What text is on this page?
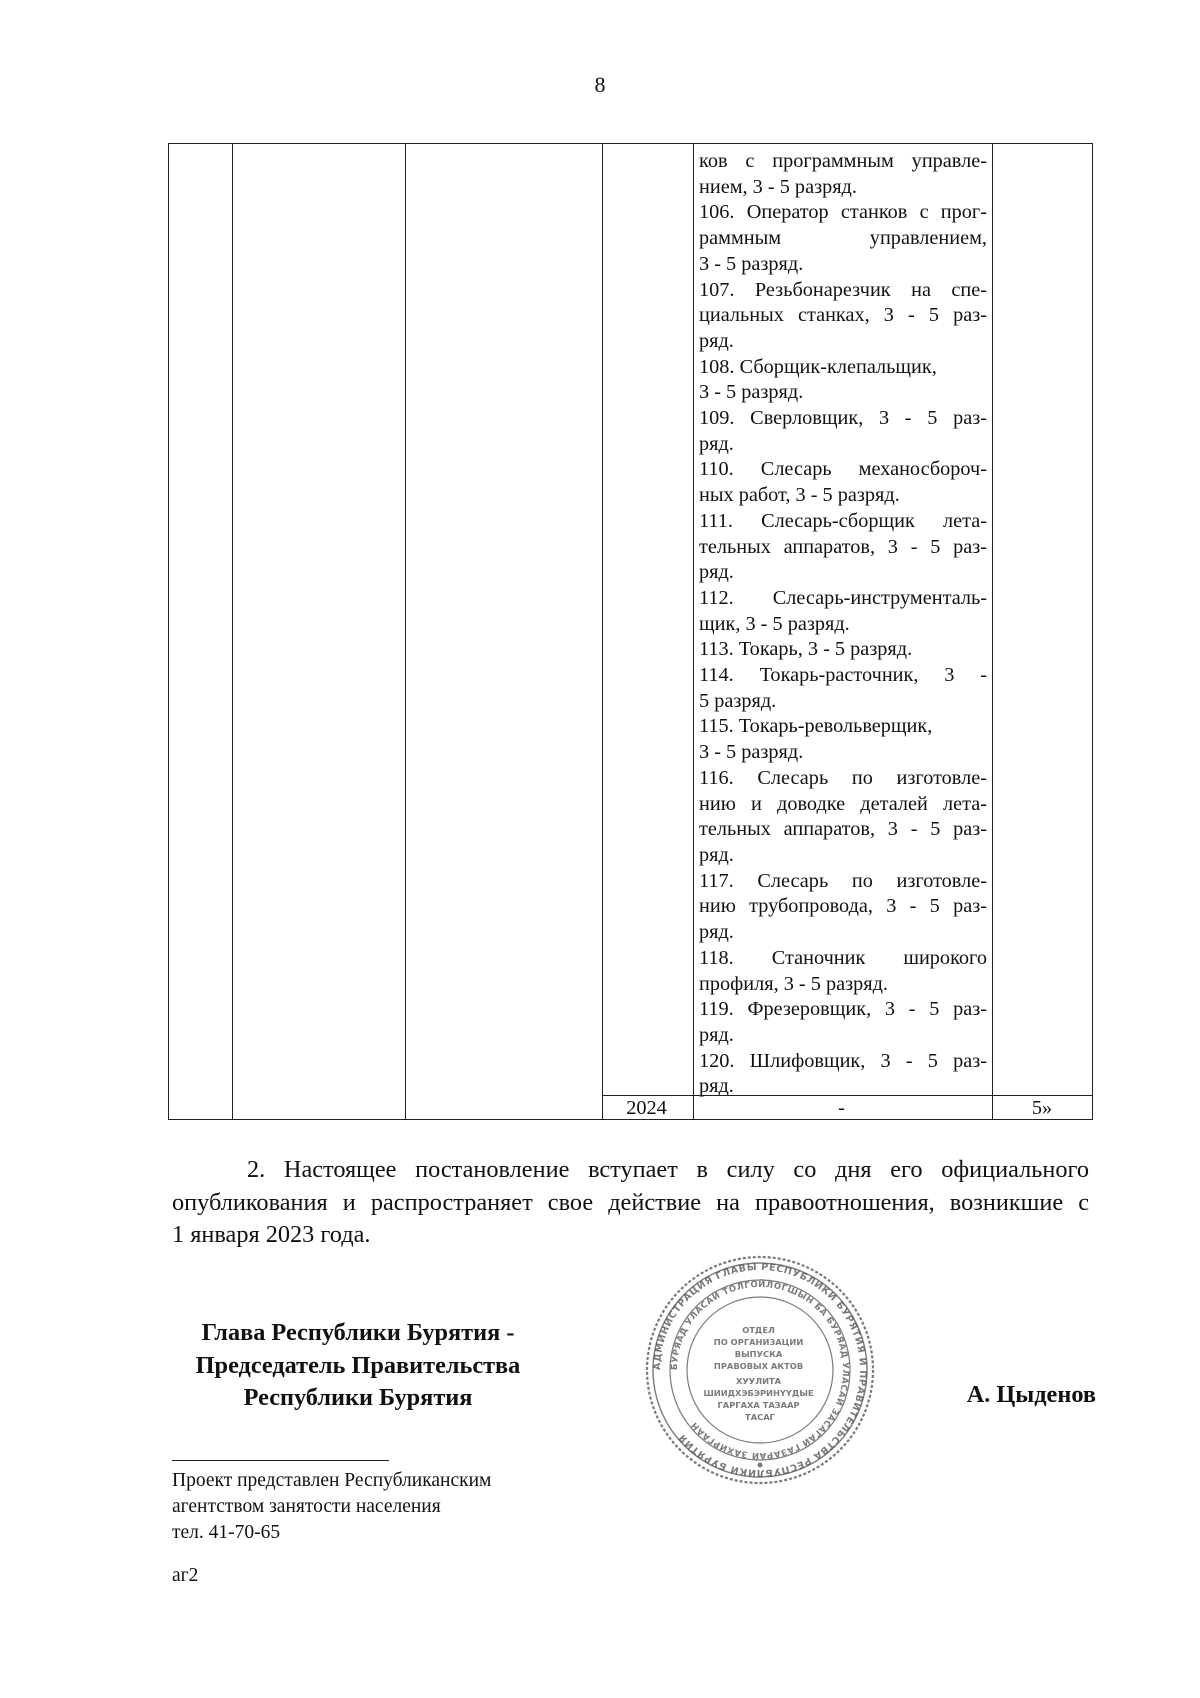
8
ков с программным управле-
нием, 3 - 5 разряд.
106. Оператор станков с прог-
раммным управлением,
3 - 5 разряд.
107. Резьбонарезчик на спе-
циальных станках, 3 - 5 раз-
ряд.
108. Сборщик-клепальщик,
3 - 5 разряд.
109. Сверловщик, 3 - 5 раз-
ряд.
110. Слесарь механосбороч-
ных работ, 3 - 5 разряд.
111. Слесарь-сборщик лета-
тельных аппаратов, 3 - 5 раз-
ряд.
112. Слесарь-инструменталь-
щик, 3 - 5 разряд.
113. Токарь, 3 - 5 разряд.
114. Токарь-расточник, 3 -
5 разряд.
115. Токарь-револьверщик,
3 - 5 разряд.
116. Слесарь по изготовле-
нию и доводке деталей лета-
тельных аппаратов, 3 - 5 раз-
ряд.
117. Слесарь по изготовле-
нию трубопровода, 3 - 5 раз-
ряд.
118. Станочник широкого
профиля, 3 - 5 разряд.
119. Фрезеровщик, 3 - 5 раз-
ряд.
120. Шлифовщик, 3 - 5 раз-
ряд.
2024	-	5»
2. Настоящее постановление вступает в силу со дня его официального
опубликования и распространяет свое действие на правоотношения, возникшие с
1 января 2023 года.
Глава Республики Бурятия -
Председатель Правительства
Республики Бурятия
АДМИНИСТРАЦИЯ ГЛАВЫ РЕСПУБЛИКИ БУРЯТИЯ И ПРАВИТЕЛЬСТВА РЕСПУБЛИКИ БУРЯТИЯ
БУРЯАД УЛАСАЙ ТОЛГОЙЛОГШЫН БА БУРЯАД УЛАСАЙ ЗАСАГАЙ ГАЗАРАЙ ЗАХИРГААН
ОТДЕЛ ПО ОРГАНИЗАЦИИ ВЫПУСКА ПРАВОВЫХ АКТОВ ХУУЛИТА ШИИДХЭБЭРИНҮҮДЫЕ ГАРГАХА ТАЗААР ТАСАГ
А. Цыденов
Проект представлен Республиканским
агентством занятости населения
тел. 41-70-65
аг2
